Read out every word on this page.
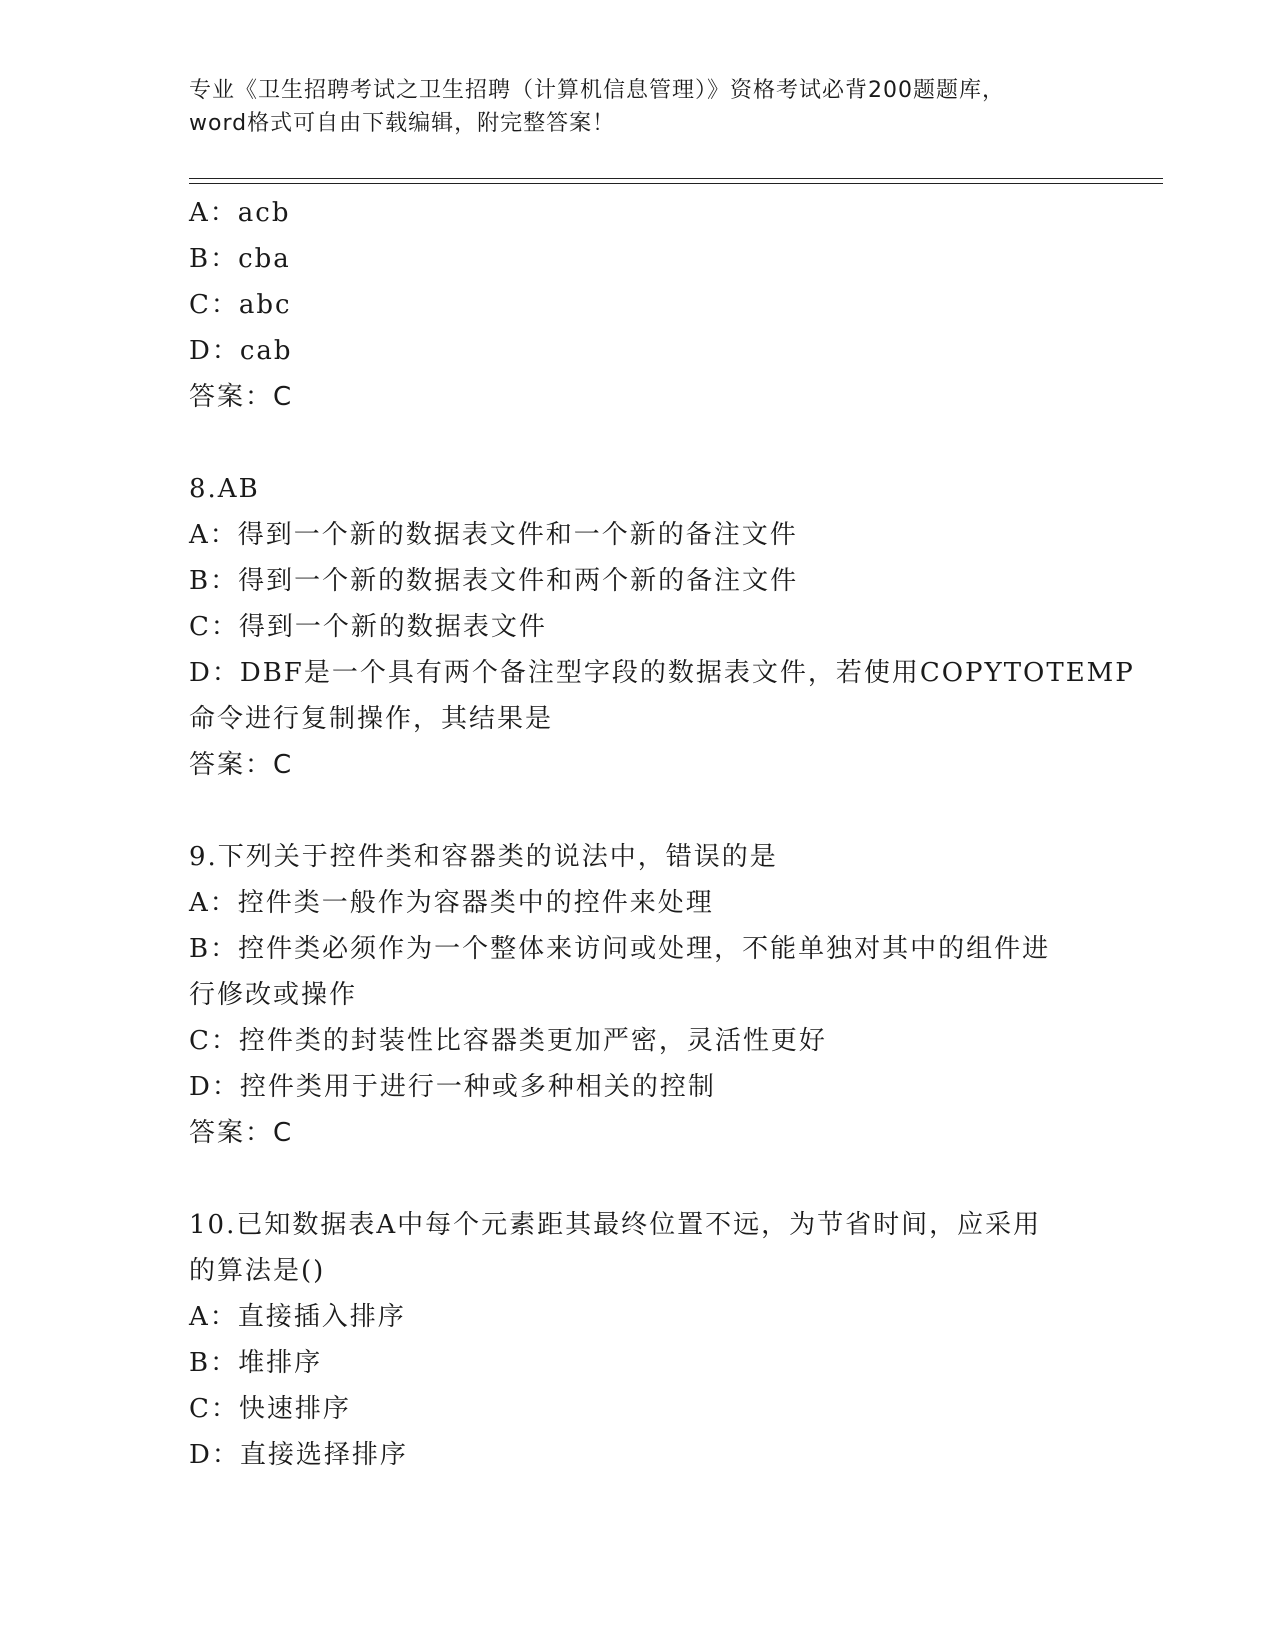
专业《卫生招聘考试之卫生招聘（计算机信息管理）》资格考试必背200题题库，
word格式可自由下载编辑，附完整答案！
A：acb
B：cba
C：abc
D：cab
答案：C
8.AB
A：得到一个新的数据表文件和一个新的备注文件
B：得到一个新的数据表文件和两个新的备注文件
C：得到一个新的数据表文件
D：DBF是一个具有两个备注型字段的数据表文件，若使用COPYTOTEMP
命令进行复制操作，其结果是
答案：C
9.下列关于控件类和容器类的说法中，错误的是
A：控件类一般作为容器类中的控件来处理
B：控件类必须作为一个整体来访问或处理，不能单独对其中的组件进
行修改或操作
C：控件类的封装性比容器类更加严密，灵活性更好
D：控件类用于进行一种或多种相关的控制
答案：C
10.已知数据表A中每个元素距其最终位置不远，为节省时间，应采用
的算法是()
A：直接插入排序
B：堆排序
C：快速排序
D：直接选择排序
